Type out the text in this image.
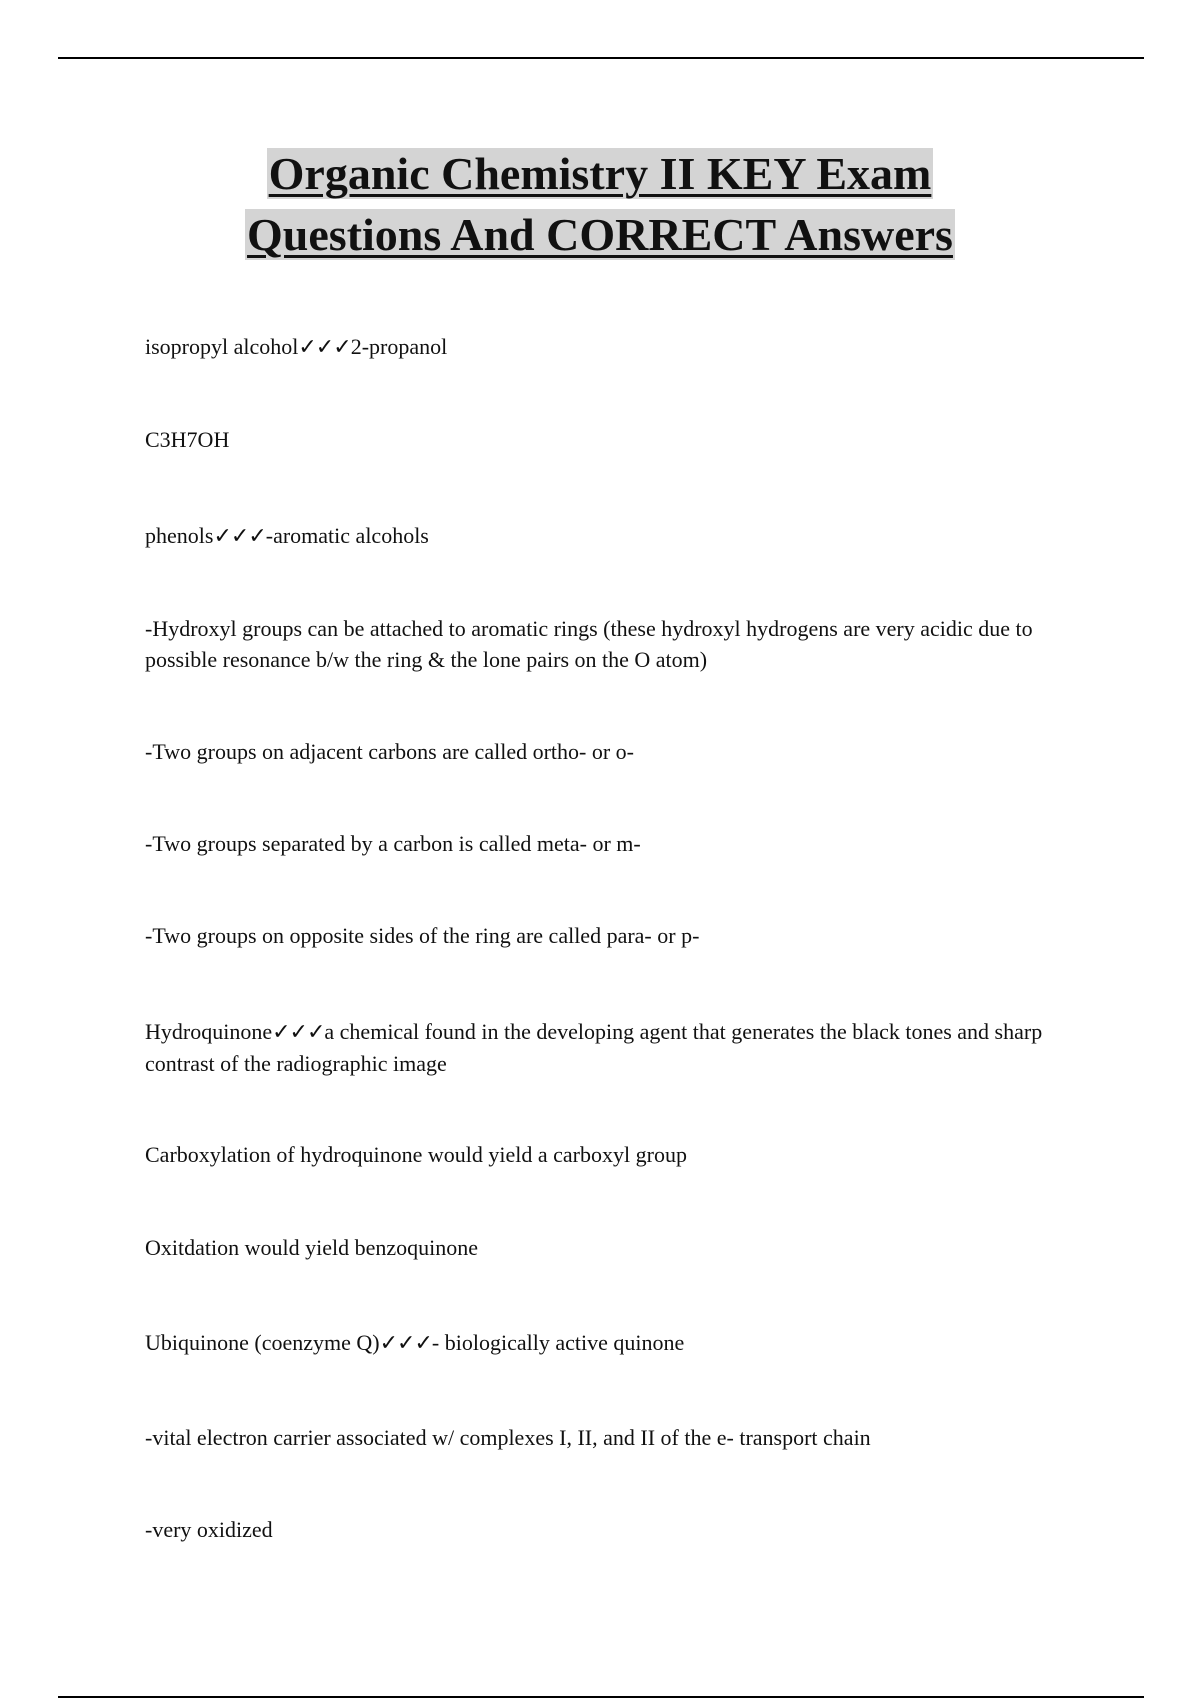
Organic Chemistry II KEY Exam
Questions And CORRECT Answers

isopropyl alcohol✓✓✓2-propanol

C3H7OH

phenols✓✓✓-aromatic alcohols

-Hydroxyl groups can be attached to aromatic rings (these hydroxyl hydrogens are very acidic due to possible resonance b/w the ring & the lone pairs on the O atom)

-Two groups on adjacent carbons are called ortho- or o-

-Two groups separated by a carbon is called meta- or m-

-Two groups on opposite sides of the ring are called para- or p-

Hydroquinone✓✓✓a chemical found in the developing agent that generates the black tones and sharp contrast of the radiographic image

Carboxylation of hydroquinone would yield a carboxyl group

Oxitdation would yield benzoquinone

Ubiquinone (coenzyme Q)✓✓✓- biologically active quinone

-vital electron carrier associated w/ complexes I, II, and II of the e- transport chain

-very oxidized
